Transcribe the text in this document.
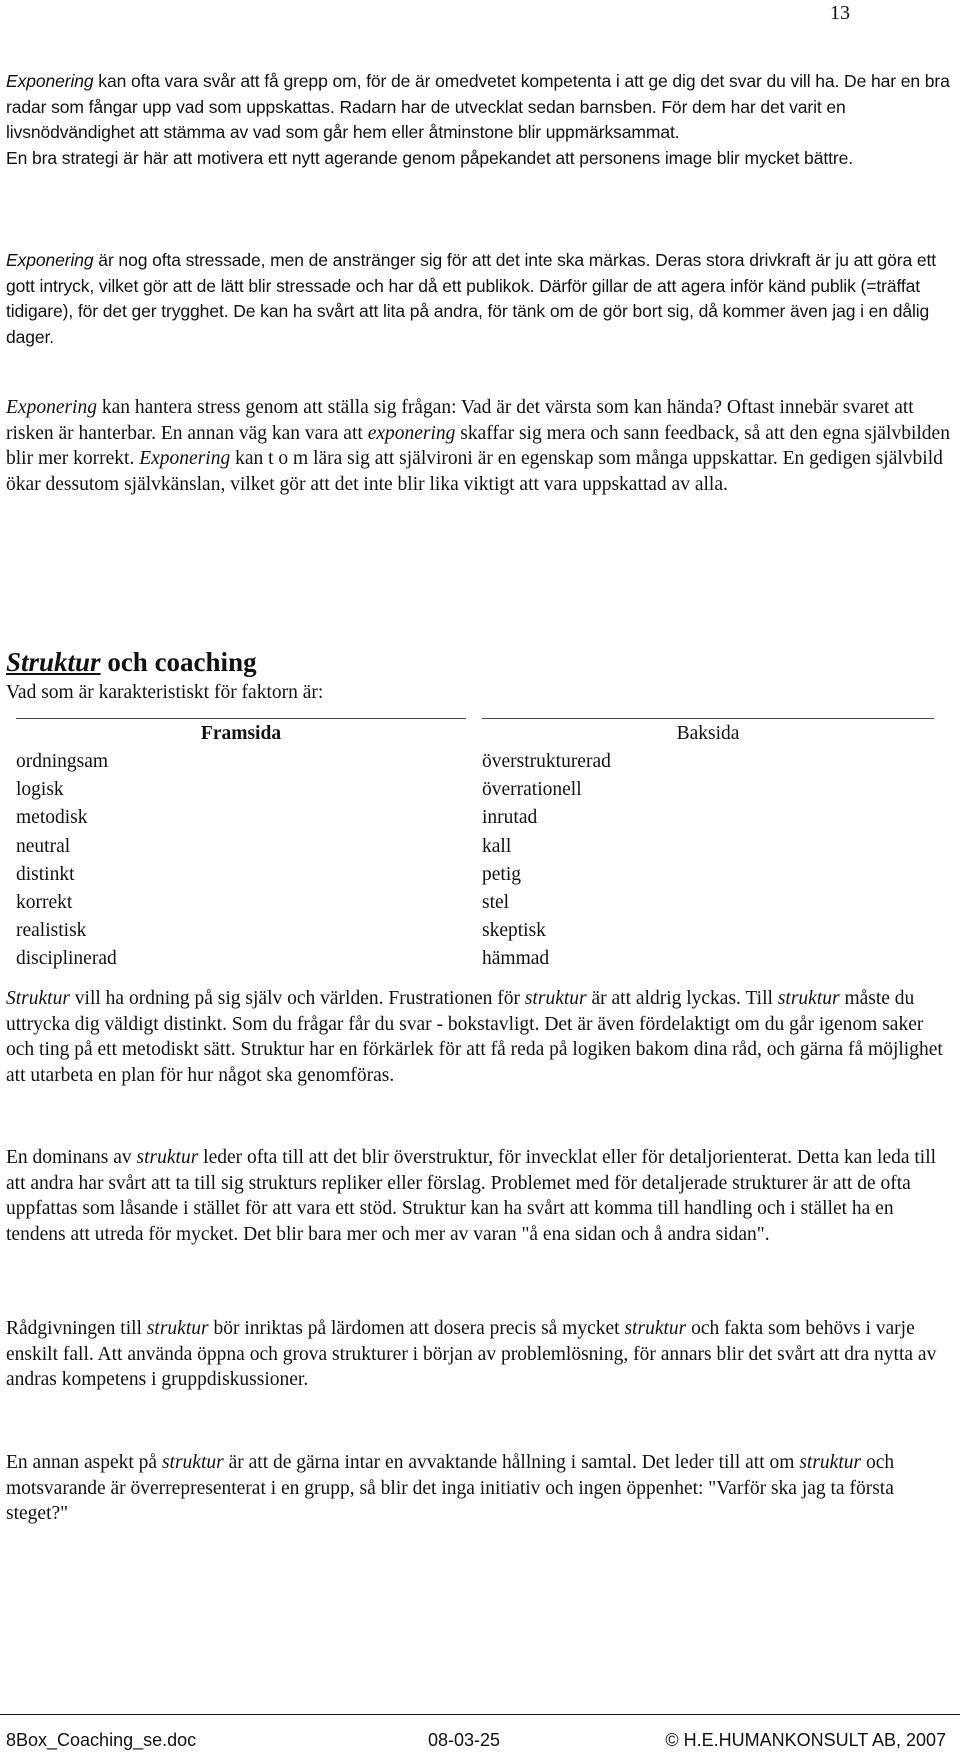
13

Exponering kan ofta vara svår att få grepp om, för de är omedvetet kompetenta i att ge dig det svar du vill ha. De har en bra radar som fångar upp vad som uppskattas. Radarn har de utvecklat sedan barnsben. För dem har det varit en livsnödvändighet att stämma av vad som går hem eller åtminstone blir uppmärksammat.

En bra strategi är här att motivera ett nytt agerande genom påpekandet att personens image blir mycket bättre.

Exponering är nog ofta stressade, men de anstränger sig för att det inte ska märkas. Deras stora drivkraft är ju att göra ett gott intryck, vilket gör att de lätt blir stressade och har då ett publikok. Därför gillar de att agera inför känd publik (=träffat tidigare), för det ger trygghet. De kan ha svårt att lita på andra, för tänk om de gör bort sig, då kommer även jag i en dålig dager.

Exponering kan hantera stress genom att ställa sig frågan: Vad är det värsta som kan hända? Oftast innebär svaret att risken är hanterbar. En annan väg kan vara att exponering skaffar sig mera och sann feedback, så att den egna självbilden blir mer korrekt. Exponering kan t o m lära sig att självironi är en egenskap som många uppskattar. En gedigen självbild ökar dessutom självkänslan, vilket gör att det inte blir lika viktigt att vara uppskattad av alla.

Struktur och coaching
Vad som är karakteristiskt för faktorn är:
Framsida
ordningsam
logisk
metodisk
neutral
distinkt
korrekt
realistisk
disciplinerad
Baksida
överstrukturerad
överrationell
inrutad
kall
petig
stel
skeptisk
hämmad

Struktur vill ha ordning på sig själv och världen. Frustrationen för struktur är att aldrig lyckas. Till struktur måste du uttrycka dig väldigt distinkt. Som du frågar får du svar - bokstavligt. Det är även fördelaktigt om du går igenom saker och ting på ett metodiskt sätt. Struktur har en förkärlek för att få reda på logiken bakom dina råd, och gärna få möjlighet att utarbeta en plan för hur något ska genomföras.

En dominans av struktur leder ofta till att det blir överstruktur, för invecklat eller för detaljorienterat. Detta kan leda till att andra har svårt att ta till sig strukturs repliker eller förslag. Problemet med för detaljerade strukturer är att de ofta uppfattas som låsande i stället för att vara ett stöd. Struktur kan ha svårt att komma till handling och i stället ha en tendens att utreda för mycket. Det blir bara mer och mer av varan "å ena sidan och å andra sidan".

Rådgivningen till struktur bör inriktas på lärdomen att dosera precis så mycket struktur och fakta som behövs i varje enskilt fall. Att använda öppna och grova strukturer i början av problemlösning, för annars blir det svårt att dra nytta av andras kompetens i gruppdiskussioner.

En annan aspekt på struktur är att de gärna intar en avvaktande hållning i samtal. Det leder till att om struktur och motsvarande är överrepresenterat i en grupp, så blir det inga initiativ och ingen öppenhet: "Varför ska jag ta första steget?"

8Box_Coaching_se.doc	08-03-25	© H.E.HUMANKONSULT AB, 2007
